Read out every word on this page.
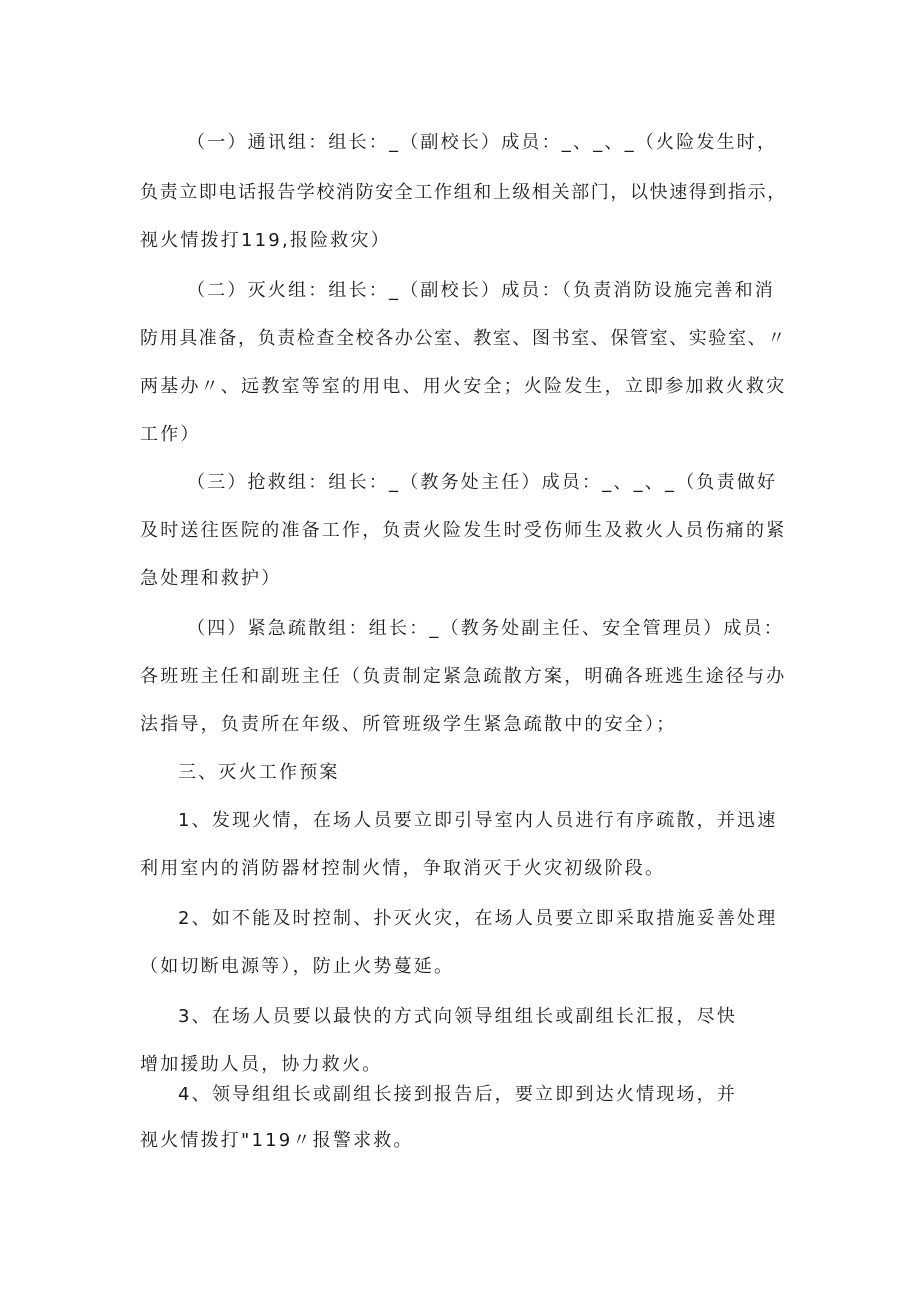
（一）通讯组：组长：_（副校长）成员：_、_、_（火险发生时，
负责立即电话报告学校消防安全工作组和上级相关部门，以快速得到指示，
视火情拨打119,报险救灾）
（二）灭火组：组长：_（副校长）成员：（负责消防设施完善和消
防用具准备，负责检查全校各办公室、教室、图书室、保管室、实验室、〃
两基办〃、远教室等室的用电、用火安全；火险发生，立即参加救火救灾
工作）
（三）抢救组：组长：_（教务处主任）成员：_、_、_（负责做好
及时送往医院的准备工作，负责火险发生时受伤师生及救火人员伤痛的紧
急处理和救护）
（四）紧急疏散组：组长：_（教务处副主任、安全管理员）成员：
各班班主任和副班主任（负责制定紧急疏散方案，明确各班逃生途径与办
法指导，负责所在年级、所管班级学生紧急疏散中的安全）；
三、灭火工作预案
1、发现火情，在场人员要立即引导室内人员进行有序疏散，并迅速
利用室内的消防器材控制火情，争取消灭于火灾初级阶段。
2、如不能及时控制、扑灭火灾，在场人员要立即采取措施妥善处理
（如切断电源等），防止火势蔓延。
3、在场人员要以最快的方式向领导组组长或副组长汇报，尽快
增加援助人员，协力救火。
4、领导组组长或副组长接到报告后，要立即到达火情现场，并
视火情拨打"119〃报警求救。
